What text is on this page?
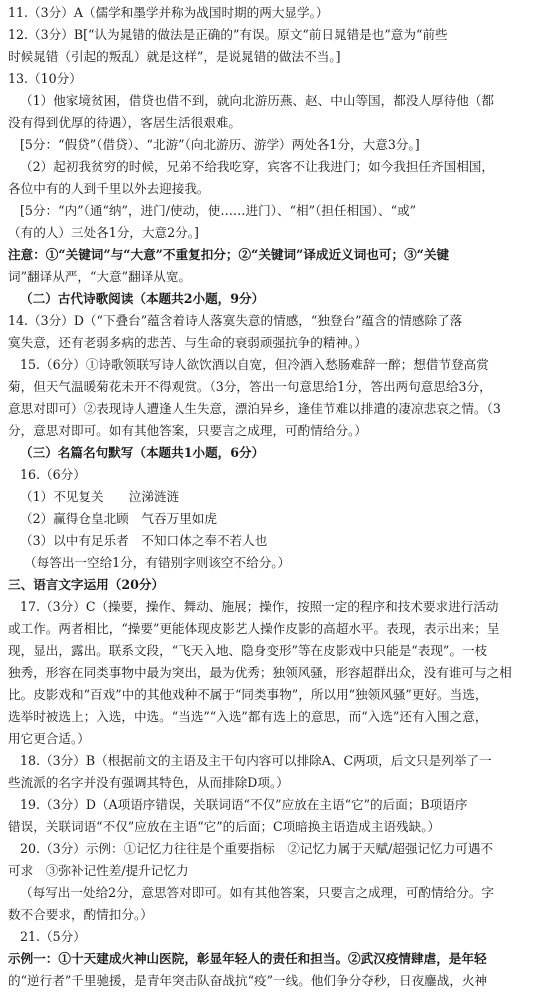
11.（3分）A（儒学和墨学并称为战国时期的两大显学。）
12.（3分）B[“认为晁错的做法是正确的”有误。原文“前日晁错是也”意为“前些
时候晁错（引起的叛乱）就是这样”，是说晁错的做法不当。]
13.（10分）
（1）他家境贫困，借贷也借不到，就向北游历燕、赵、中山等国，都没人厚待他（都
没有得到优厚的待遇），客居生活很艰难。
[5分：“假贷”（借贷）、“北游”（向北游历、游学）两处各1分，大意3分。]
（2）起初我贫穷的时候，兄弟不给我吃穿，宾客不让我进门；如今我担任齐国相国，
各位中有的人到千里以外去迎接我。
[5分：“内”（通“纳”，进门/使动，使……进门）、“相”（担任相国）、“或”
（有的人）三处各1分，大意2分。]
注意：①“关键词”与“大意”不重复扣分；②“关键词”译成近义词也可；③“关键
词”翻译从严，“大意”翻译从宽。
（二）古代诗歌阅读（本题共2小题，9分）
14.（3分）D（“下叠台”蕴含着诗人落寞失意的情感，“独登台”蕴含的情感除了落
寞失意，还有老弱多病的悲苦、与生命的衰弱顽强抗争的精神。）
15.（6分）①诗歌领联写诗人欲饮酒以自宽，但冷酒入愁肠难辞一醉；想借节登高赏
菊，但天气温暖菊花未开不得观赏。（3分，答出一句意思给1分，答出两句意思给3分，
意思对即可）②表现诗人遭逢人生失意，漂泊异乡，逢佳节难以排遣的凄凉悲哀之情。（3
分，意思对即可。如有其他答案，只要言之成理，可酌情给分。）
（三）名篇名句默写（本题共1小题，6分）
16.（6分）
（1）不见复关　　泣涕涟涟
（2）赢得仓皇北顾　气吞万里如虎
（3）以中有足乐者　不知口体之奉不若人也
（每答出一空给1分，有错别字则该空不给分。）
三、语言文字运用（20分）
17.（3分）C（操要，操作、舞动、施展；操作，按照一定的程序和技术要求进行活动
或工作。两者相比，“操要”更能体现皮影艺人操作皮影的高超水平。表现，表示出来；呈
现，显出，露出。联系文段，“飞天入地、隐身变形”等在皮影戏中只能是“表现”。一枝
独秀，形容在同类事物中最为突出，最为优秀；独领风骚，形容超群出众，没有谁可与之相
比。皮影戏和“百戏”中的其他戏种不属于“同类事物”，所以用“独领风骚”更好。当选，
选举时被选上；入选，中选。“当选”“入选”都有选上的意思，而“入选”还有入围之意，
用它更合适。）
18.（3分）B（根据前文的主语及主干句内容可以排除A、C两项，后文只是列举了一
些流派的名字并没有强调其特色，从而排除D项。）
19.（3分）D（A项语序错误，关联词语“不仅”应放在主语“它”的后面；B项语序
错误，关联词语“不仅”应放在主语“它”的后面；C项暗换主语造成主语残缺。）
20.（3分）示例：①记忆力往往是个重要指标　②记忆力属于天赋/超强记忆力可遇不
可求　③弥补记性差/提升记忆力
（每写出一处给2分，意思答对即可。如有其他答案，只要言之成理，可酌情给分。字
数不合要求，酌情扣分。）
21.（5分）
示例一：①十天建成火神山医院，彰显年轻人的责任和担当。②武汉疫情肆虐，是年轻
的“逆行者”千里驰援，是青年突击队奋战抗“疫”一线。他们争分夺秒，日夜鏖战，火神
